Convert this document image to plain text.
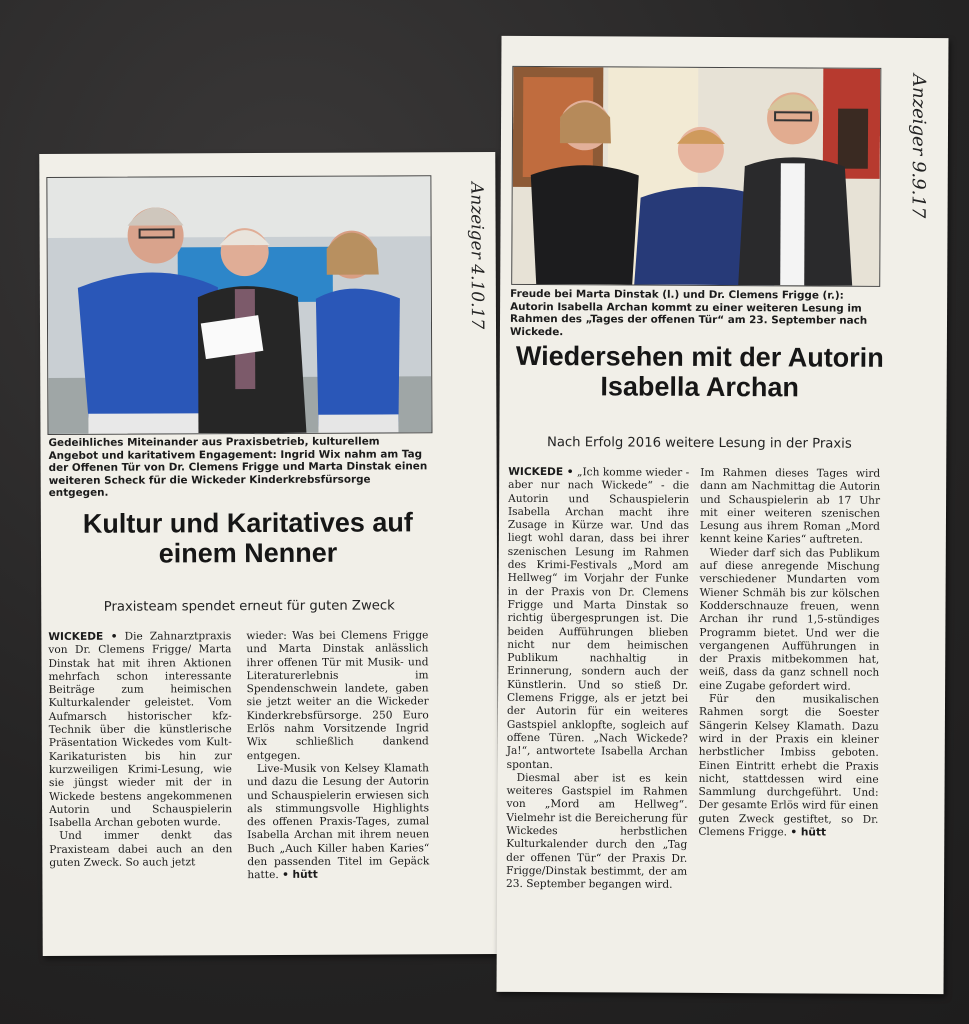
Gedeihliches Miteinander aus Praxisbetrieb, kulturellem Angebot und karitativem Engagement: Ingrid Wix nahm am Tag der Offenen Tür von Dr. Clemens Frigge und Marta Dinstak einen weiteren Scheck für die Wickeder Kinderkrebsfürsorge entgegen.
Anzeiger 4.10.17
Kultur und Karitatives auf einem Nenner
Praxisteam spendet erneut für guten Zweck

WICKEDE • Die Zahnarztpraxis von Dr. Clemens Frigge/ Marta Dinstak hat mit ihren Aktionen mehrfach schon interessante Beiträge zum heimischen Kulturkalender geleistet. Vom Aufmarsch historischer kfz-Technik über die künstlerische Präsentation Wickedes vom Kult-Karikaturisten bis hin zur kurzweiligen Krimi-Lesung, wie sie jüngst wieder mit der in Wickede bestens angekommenen Autorin und Schauspielerin Isabella Archan geboten wurde.

Und immer denkt das Praxisteam dabei auch an den guten Zweck. So auch jetzt

wieder: Was bei Clemens Frigge und Marta Dinstak anlässlich ihrer offenen Tür mit Musik- und Literaturerlebnis im Spendenschwein landete, gaben sie jetzt weiter an die Wickeder Kinderkrebsfürsorge. 250 Euro Erlös nahm Vorsitzende Ingrid Wix schließlich dankend entgegen.

Live-Musik von Kelsey Klamath und dazu die Lesung der Autorin und Schauspielerin erwiesen sich als stimmungsvolle Highlights des offenen Praxis-Tages, zumal Isabella Archan mit ihrem neuen Buch „Auch Killer haben Karies“ den passenden Titel im Gepäck hatte. • hütt

Anzeiger 9.9.17
Freude bei Marta Dinstak (l.) und Dr. Clemens Frigge (r.): Autorin Isabella Archan kommt zu einer weiteren Lesung im Rahmen des „Tages der offenen Tür“ am 23. September nach Wickede.
Wiedersehen mit der Autorin Isabella Archan
Nach Erfolg 2016 weitere Lesung in der Praxis

WICKEDE • „Ich komme wieder - aber nur nach Wickede“ - die Autorin und Schauspielerin Isabella Archan macht ihre Zusage in Kürze war. Und das liegt wohl daran, dass bei ihrer szenischen Lesung im Rahmen des Krimi-Festivals „Mord am Hellweg“ im Vorjahr der Funke in der Praxis von Dr. Clemens Frigge und Marta Dinstak so richtig übergesprungen ist. Die beiden Aufführungen blieben nicht nur dem heimischen Publikum nachhaltig in Erinnerung, sondern auch der Künstlerin. Und so stieß Dr. Clemens Frigge, als er jetzt bei der Autorin für ein weiteres Gastspiel anklopfte, sogleich auf offene Türen. „Nach Wickede? Ja!“, antwortete Isabella Archan spontan.

Diesmal aber ist es kein weiteres Gastspiel im Rahmen von „Mord am Hellweg“. Vielmehr ist die Bereicherung für Wickedes herbstlichen Kulturkalender durch den „Tag der offenen Tür“ der Praxis Dr. Frigge/Dinstak bestimmt, der am 23. September begangen wird.

Im Rahmen dieses Tages wird dann am Nachmittag die Autorin und Schauspielerin ab 17 Uhr mit einer weiteren szenischen Lesung aus ihrem Roman „Mord kennt keine Karies“ auftreten.

Wieder darf sich das Publikum auf diese anregende Mischung verschiedener Mundarten vom Wiener Schmäh bis zur kölschen Kodderschnauze freuen, wenn Archan ihr rund 1,5-stündiges Programm bietet. Und wer die vergangenen Aufführungen in der Praxis mitbekommen hat, weiß, dass da ganz schnell noch eine Zugabe gefordert wird.

Für den musikalischen Rahmen sorgt die Soester Sängerin Kelsey Klamath. Dazu wird in der Praxis ein kleiner herbstlicher Imbiss geboten. Einen Eintritt erhebt die Praxis nicht, stattdessen wird eine Sammlung durchgeführt. Und: Der gesamte Erlös wird für einen guten Zweck gestiftet, so Dr. Clemens Frigge. • hütt
